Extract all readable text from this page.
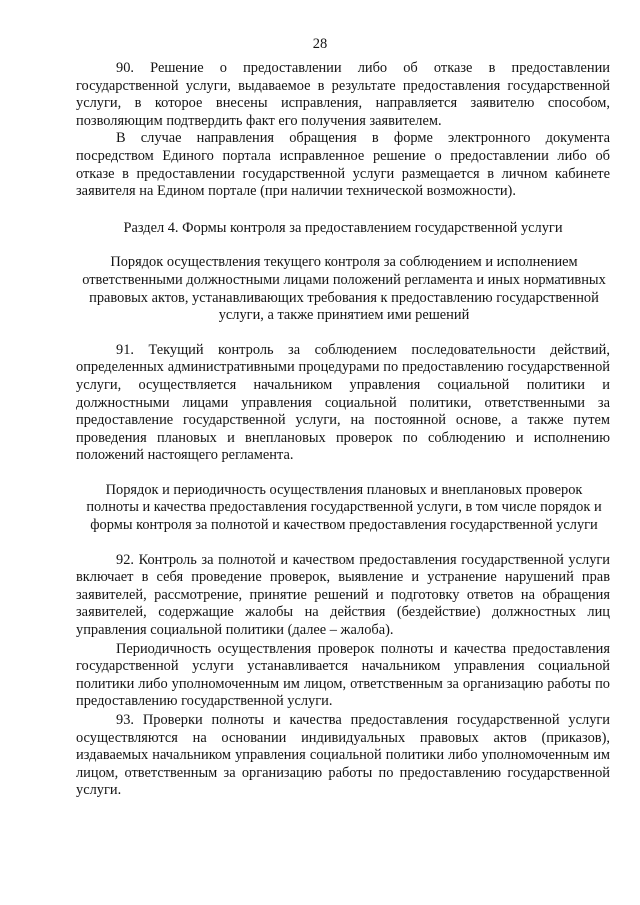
28

90. Решение о предоставлении либо об отказе в предоставлении государственной услуги, выдаваемое в результате предоставления государственной услуги, в которое внесены исправления, направляется заявителю способом, позволяющим подтвердить факт его получения заявителем.

В случае направления обращения в форме электронного документа посредством Единого портала исправленное решение о предоставлении либо об отказе в предоставлении государственной услуги размещается в личном кабинете заявителя на Едином портале (при наличии технической возможности).

Раздел 4. Формы контроля за предоставлением государственной услуги

Порядок осуществления текущего контроля за соблюдением и исполнением ответственными должностными лицами положений регламента и иных нормативных правовых актов, устанавливающих требования к предоставлению государственной услуги, а также принятием ими решений

91. Текущий контроль за соблюдением последовательности действий, определенных административными процедурами по предоставлению государственной услуги, осуществляется начальником управления социальной политики и должностными лицами управления социальной политики, ответственными за предоставление государственной услуги, на постоянной основе, а также путем проведения плановых и внеплановых проверок по соблюдению и исполнению положений настоящего регламента.

Порядок и периодичность осуществления плановых и внеплановых проверок полноты и качества предоставления государственной услуги, в том числе порядок и формы контроля за полнотой и качеством предоставления государственной услуги

92. Контроль за полнотой и качеством предоставления государственной услуги включает в себя проведение проверок, выявление и устранение нарушений прав заявителей, рассмотрение, принятие решений и подготовку ответов на обращения заявителей, содержащие жалобы на действия (бездействие) должностных лиц управления социальной политики (далее – жалоба).

Периодичность осуществления проверок полноты и качества предоставления государственной услуги устанавливается начальником управления социальной политики либо уполномоченным им лицом, ответственным за организацию работы по предоставлению государственной услуги.

93. Проверки полноты и качества предоставления государственной услуги осуществляются на основании индивидуальных правовых актов (приказов), издаваемых начальником управления социальной политики либо уполномоченным им лицом, ответственным за организацию работы по предоставлению государственной услуги.
